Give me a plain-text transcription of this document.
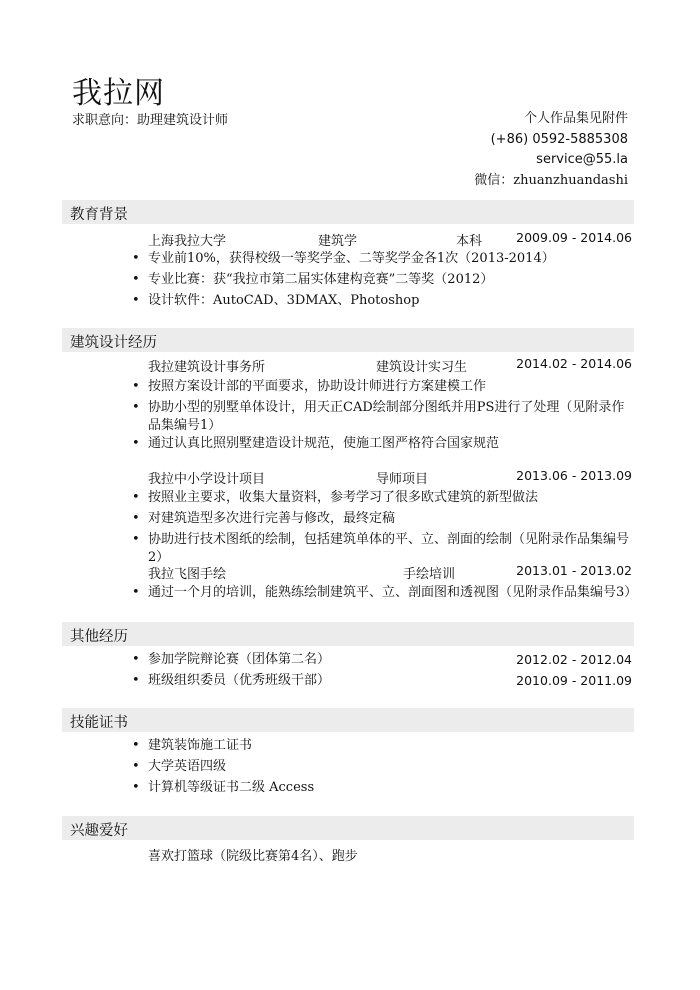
我拉网
求职意向：助理建筑设计师	个人作品集见附件
(+86) 0592-5885308
service@55.la
微信：zhuanzhuandashi
教育背景
上海我拉大学	建筑学	本科	2009.09 - 2014.06
• 专业前10%，获得校级一等奖学金、二等奖学金各1次（2013-2014）
• 专业比赛：获“我拉市第二届实体建构竞赛”二等奖（2012）
• 设计软件：AutoCAD、3DMAX、Photoshop
建筑设计经历
我拉建筑设计事务所	建筑设计实习生	2014.02 - 2014.06
• 按照方案设计部的平面要求，协助设计师进行方案建模工作
• 协助小型的别墅单体设计，用天正CAD绘制部分图纸并用PS进行了处理（见附录作品集编号1）
• 通过认真比照别墅建造设计规范，使施工图严格符合国家规范
我拉中小学设计项目	导师项目	2013.06 - 2013.09
• 按照业主要求，收集大量资料，参考学习了很多欧式建筑的新型做法
• 对建筑造型多次进行完善与修改，最终定稿
• 协助进行技术图纸的绘制，包括建筑单体的平、立、剖面的绘制（见附录作品集编号2）
我拉飞图手绘	手绘培训	2013.01 - 2013.02
• 通过一个月的培训，能熟练绘制建筑平、立、剖面图和透视图（见附录作品集编号3）
其他经历
• 参加学院辩论赛（团体第二名）	2012.02 - 2012.04
• 班级组织委员（优秀班级干部）	2010.09 - 2011.09
技能证书
• 建筑装饰施工证书
• 大学英语四级
• 计算机等级证书二级 Access
兴趣爱好
喜欢打篮球（院级比赛第4名）、跑步
